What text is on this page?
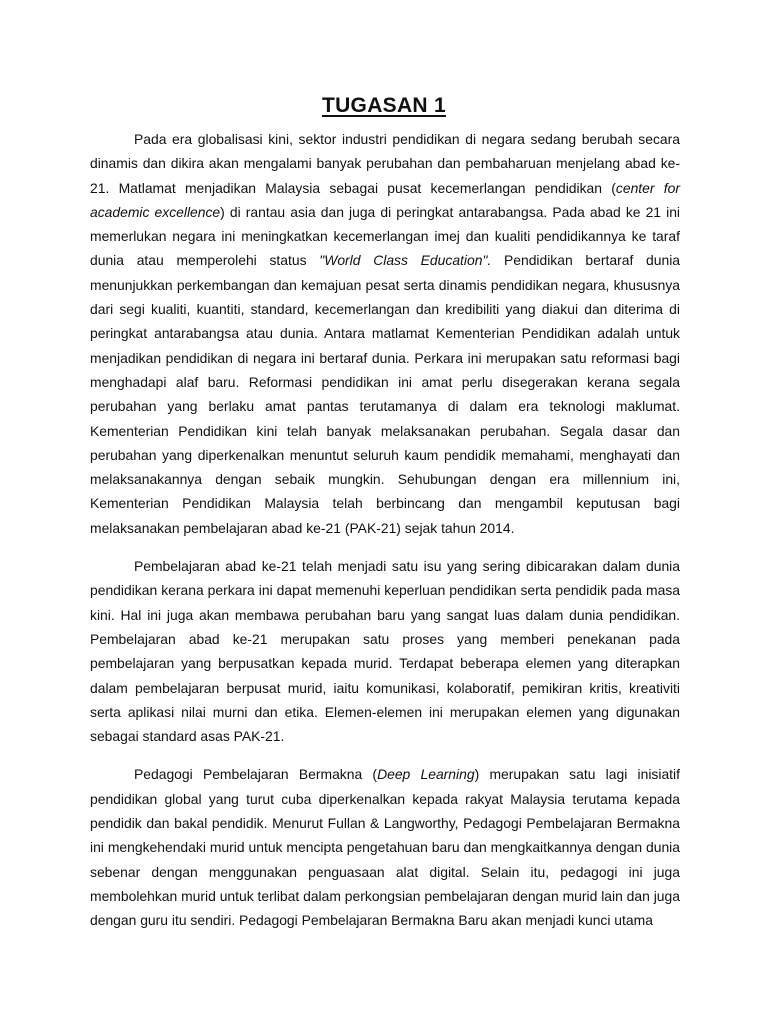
TUGASAN 1

Pada era globalisasi kini, sektor industri pendidikan di negara sedang berubah secara dinamis dan dikira akan mengalami banyak perubahan dan pembaharuan menjelang abad ke-21. Matlamat menjadikan Malaysia sebagai pusat kecemerlangan pendidikan (center for academic excellence) di rantau asia dan juga di peringkat antarabangsa. Pada abad ke 21 ini memerlukan negara ini meningkatkan kecemerlangan imej dan kualiti pendidikannya ke taraf dunia atau memperolehi status "World Class Education". Pendidikan bertaraf dunia menunjukkan perkembangan dan kemajuan pesat serta dinamis pendidikan negara, khususnya dari segi kualiti, kuantiti, standard, kecemerlangan dan kredibiliti yang diakui dan diterima di peringkat antarabangsa atau dunia. Antara matlamat Kementerian Pendidikan adalah untuk menjadikan pendidikan di negara ini bertaraf dunia. Perkara ini merupakan satu reformasi bagi menghadapi alaf baru. Reformasi pendidikan ini amat perlu disegerakan kerana segala perubahan yang berlaku amat pantas terutamanya di dalam era teknologi maklumat. Kementerian Pendidikan kini telah banyak melaksanakan perubahan. Segala dasar dan perubahan yang diperkenalkan menuntut seluruh kaum pendidik memahami, menghayati dan melaksanakannya dengan sebaik mungkin. Sehubungan dengan era millennium ini, Kementerian Pendidikan Malaysia telah berbincang dan mengambil keputusan bagi melaksanakan pembelajaran abad ke-21 (PAK-21) sejak tahun 2014.

Pembelajaran abad ke-21 telah menjadi satu isu yang sering dibicarakan dalam dunia pendidikan kerana perkara ini dapat memenuhi keperluan pendidikan serta pendidik pada masa kini. Hal ini juga akan membawa perubahan baru yang sangat luas dalam dunia pendidikan. Pembelajaran abad ke-21 merupakan satu proses yang memberi penekanan pada pembelajaran yang berpusatkan kepada murid. Terdapat beberapa elemen yang diterapkan dalam pembelajaran berpusat murid, iaitu komunikasi, kolaboratif, pemikiran kritis, kreativiti serta aplikasi nilai murni dan etika. Elemen-elemen ini merupakan elemen yang digunakan sebagai standard asas PAK-21.

Pedagogi Pembelajaran Bermakna (Deep Learning) merupakan satu lagi inisiatif pendidikan global yang turut cuba diperkenalkan kepada rakyat Malaysia terutama kepada pendidik dan bakal pendidik. Menurut Fullan & Langworthy, Pedagogi Pembelajaran Bermakna ini mengkehendaki murid untuk mencipta pengetahuan baru dan mengkaitkannya dengan dunia sebenar dengan menggunakan penguasaan alat digital. Selain itu, pedagogi ini juga membolehkan murid untuk terlibat dalam perkongsian pembelajaran dengan murid lain dan juga dengan guru itu sendiri. Pedagogi Pembelajaran Bermakna Baru akan menjadi kunci utama
